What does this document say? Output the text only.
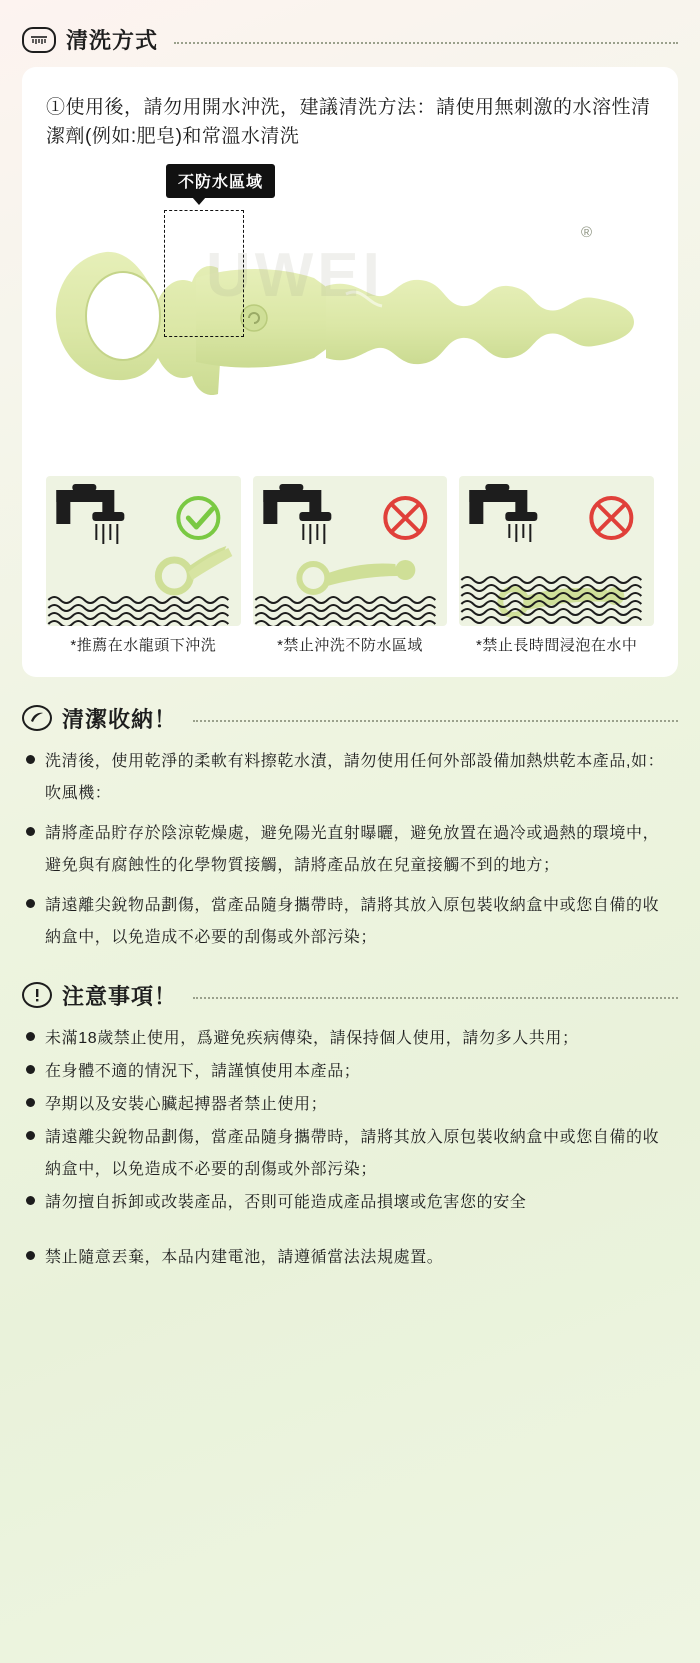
清洗方式

①使用後，請勿用開水沖洗，建議清洗方法：請使用無刺激的水溶性清潔劑(例如:肥皂)和常溫水清洗

不防水區域
®
*推薦在水龍頭下沖洗	*禁止沖洗不防水區域	*禁止長時間浸泡在水中
清潔收納！
洗清後，使用乾淨的柔軟有料擦乾水漬，請勿使用任何外部設備加熱烘乾本產品,如：吹風機：
請將產品貯存於陰涼乾燥處，避免陽光直射曝曬，避免放置在過冷或過熱的環境中，避免與有腐蝕性的化學物質接觸，請將產品放在兒童接觸不到的地方；
請遠離尖銳物品劃傷，當產品隨身攜帶時，請將其放入原包裝收納盒中或您自備的收納盒中，以免造成不必要的刮傷或外部污染；
注意事項！
未滿18歲禁止使用，爲避免疾病傳染，請保持個人使用，請勿多人共用；
在身體不適的情況下，請謹慎使用本產品；
孕期以及安裝心臟起搏器者禁止使用；
請遠離尖銳物品劃傷，當產品隨身攜帶時，請將其放入原包裝收納盒中或您自備的收納盒中，以免造成不必要的刮傷或外部污染；
請勿擅自拆卸或改裝產品，否則可能造成產品損壞或危害您的安全
禁止隨意丟棄，本品内建電池，請遵循當法法規處置。
